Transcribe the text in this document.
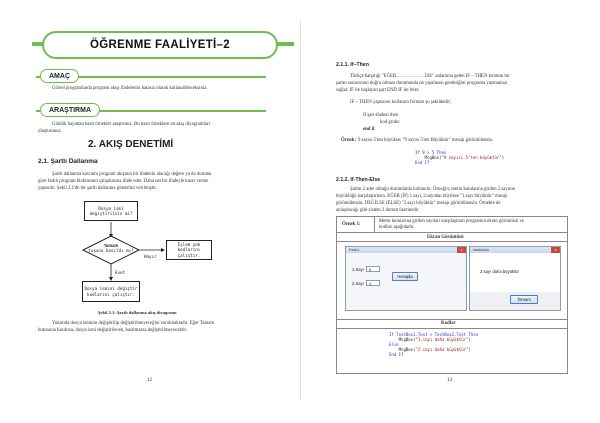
ÖĞRENME FAALİYETİ–2
AMAÇ
Görsel programlarda program akışı ifadelerini hatasız olarak kullanabileceksiniz.
ARAŞTIRMA
Günlük hayattan basit örnekler araştırınız. Bu basit örneklere ait akış diyagramları
oluşturunuz.
2. AKIŞ DENETİMİ
2.1. Şartlı Dallanma
Şartlı dallanma kavramı program akışının bir ifadenin alacağı değere ya da duruma
göre farklı program bloklarının çalışmasına ifade eder. Daha net bir ifadeyle karar verme
yapısıdır. Şekil 2.1'de bir şartlı dallanma gösterimi verilmiştir.
Dosya ismi değiştirilsin mi?
Tamam
tuşuna basıldı mı?
İşlem yok kodlarını çalıştır.
Hayır
Evet
Dosya ismini değiştir kodlarını çalıştır.
Şekil 2.1: Şartlı dallanma akış diyagramı
Yukarıda dosya isminin değiştirilip değiştirilmeyeceğini sorulmaktadır. Eğer Tamam
butonuna basılırsa, dosya ismi değiştirilecek, basılmazsa değiştirilmeyecektir.
12
2.1.1. If–Then
Türkçe karşılığı "EĞER………………İSE" anlamına gelen IF – THEN komutu bir
şartın sonucunun doğru olması durumunda ne yapılması gerektiğini programa yazmamızı
sağlar. IF ile başlayan şart END IF ile biter.
IF – THEN yapısının kullanım formatı şu şekildedir;
If şart-ifadesi then
kod grubu
end if
Örnek: 9 sayısı 5'ten büyükse; "9 sayısı 5'ten Büyüktür" mesajı görüntülensin.
If 9 > 5 Then
MsgBox("9 sayısı 5'ten büyüktür")
End If
2.1.2. If-Then-Else
Şartın 2 adet olduğu durumlarda kullanılır. Örneğin; metin kutularına girilen 2 sayının
büyüklüğü karşılaştırılsın. EĞER (İF) 1.sayı, 2.sayıdan büyükse "1.sayı büyüktür" mesajı
görüntülensin, DEĞİLSE (ELSE) "2.sayı büyüktür" mesajı görüntülensin. Örnekte de
anlaşılacağı gibi sistem 2 durum üzerinedir.
Örnek 1:
Metin kutularına girilen sayıları karşılaştıran programın ekran görüntüsü ve
kodları aşağıdadır.
Ekran Görüntüsü
Form1	×
1.Sayı	5
2.Sayı	4
Hesapla
modul icin	×
2.sayı daha büyüktür
Tamam
Kodlar
If TextBox1.Text > TextBox2.Text Then
MsgBox("1.sayı daha büyüktür")
Else
MsgBox("2.sayı daha büyüktür")
End If
13
